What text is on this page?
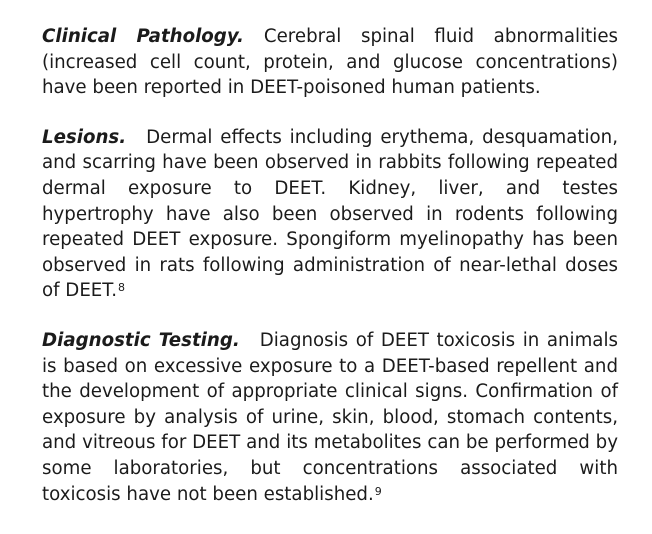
Clinical Pathology. Cerebral spinal fluid abnormalities (increased cell count, protein, and glucose concentrations) have been reported in DEET-poisoned human patients.

Lesions. Dermal effects including erythema, desquamation, and scarring have been observed in rabbits following repeated dermal exposure to DEET. Kidney, liver, and testes hypertrophy have also been observed in rodents following repeated DEET exposure. Spongiform myelinopathy has been observed in rats following administration of near-lethal doses of DEET.$^8$

Diagnostic Testing. Diagnosis of DEET toxicosis in animals is based on excessive exposure to a DEET-based repellent and the development of appropriate clinical signs. Confirmation of exposure by analysis of urine, skin, blood, stomach contents, and vitreous for DEET and its metabolites can be performed by some laboratories, but concentrations associated with toxicosis have not been established.$^9$
